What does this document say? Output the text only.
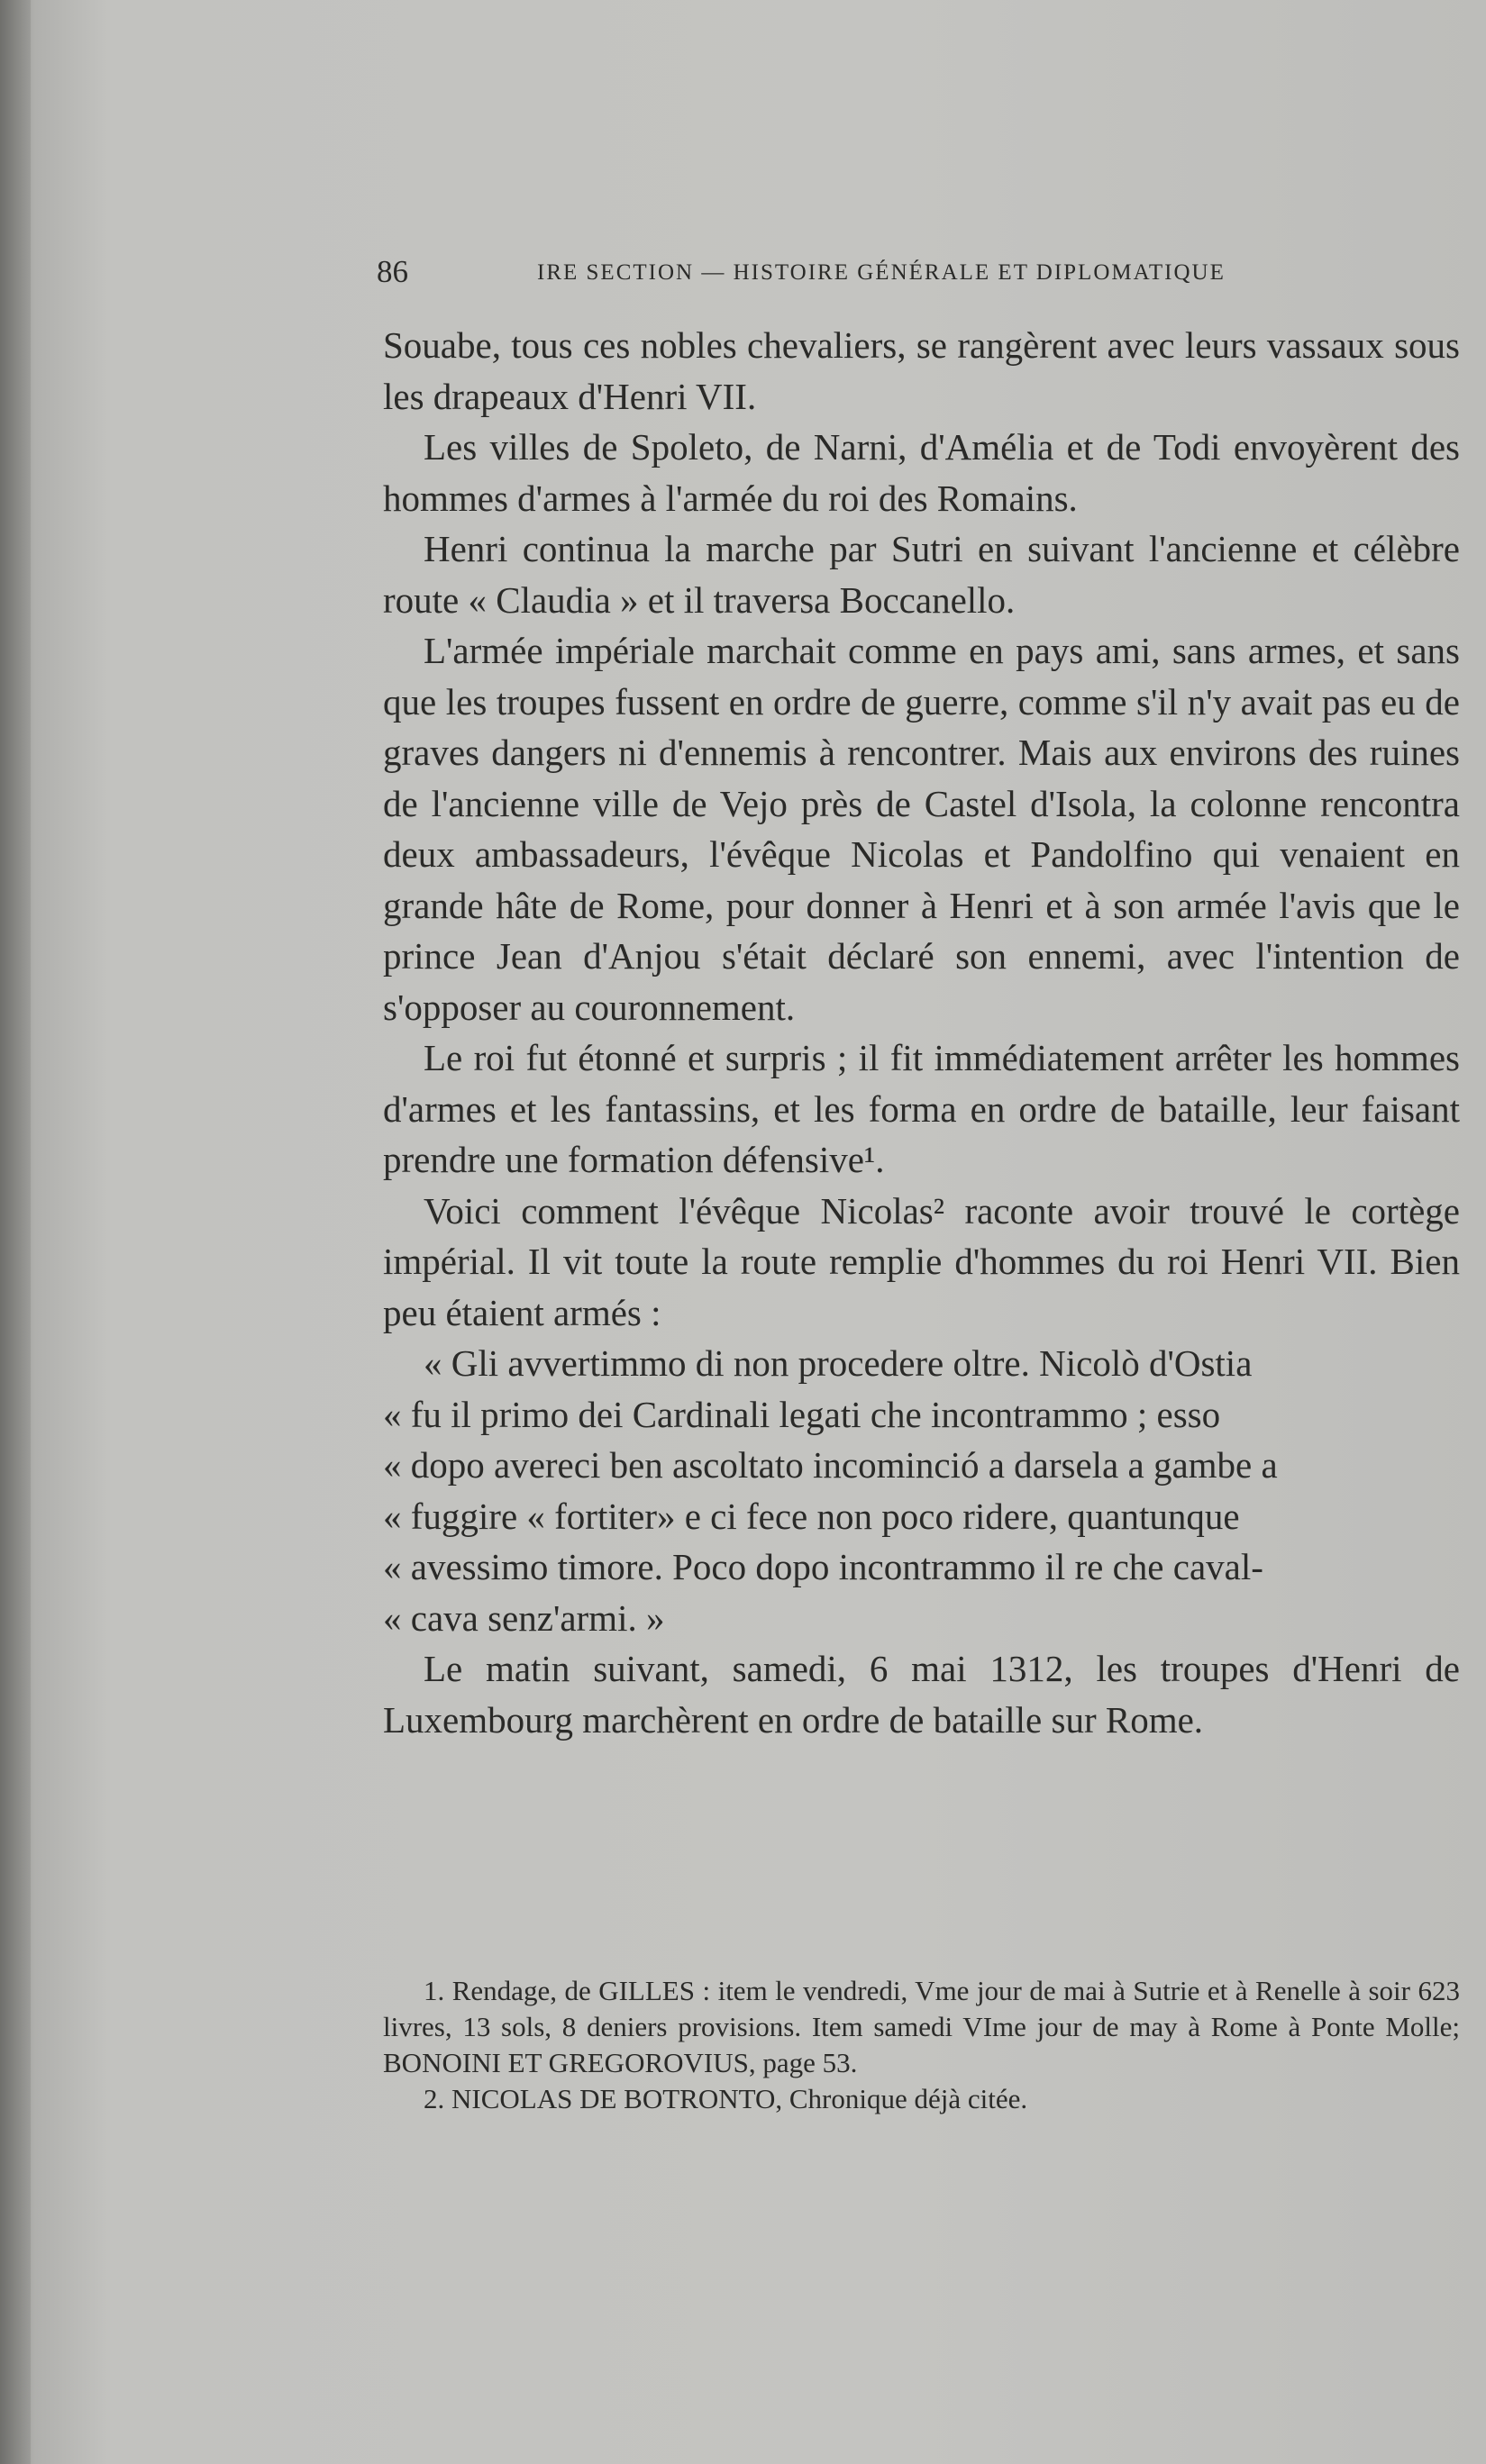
86	IRE SECTION — HISTOIRE GÉNÉRALE ET DIPLOMATIQUE

Souabe, tous ces nobles chevaliers, se rangèrent avec leurs vassaux sous les drapeaux d'Henri VII.

Les villes de Spoleto, de Narni, d'Amélia et de Todi envoyèrent des hommes d'armes à l'armée du roi des Romains.

Henri continua la marche par Sutri en suivant l'ancienne et célèbre route « Claudia » et il traversa Boccanello.

L'armée impériale marchait comme en pays ami, sans armes, et sans que les troupes fussent en ordre de guerre, comme s'il n'y avait pas eu de graves dangers ni d'ennemis à rencontrer. Mais aux environs des ruines de l'ancienne ville de Vejo près de Castel d'Isola, la colonne rencontra deux ambassadeurs, l'évêque Nicolas et Pandolfino qui venaient en grande hâte de Rome, pour donner à Henri et à son armée l'avis que le prince Jean d'Anjou s'était déclaré son ennemi, avec l'intention de s'opposer au couronnement.

Le roi fut étonné et surpris ; il fit immédiatement arrêter les hommes d'armes et les fantassins, et les forma en ordre de bataille, leur faisant prendre une formation défensive¹.

Voici comment l'évêque Nicolas² raconte avoir trouvé le cortège impérial. Il vit toute la route remplie d'hommes du roi Henri VII. Bien peu étaient armés :

« Gli avvertimmo di non procedere oltre. Nicolò d'Ostia

« fu il primo dei Cardinali legati che incontrammo ; esso

« dopo avereci ben ascoltato incominció a darsela a gambe a

« fuggire « fortiter» e ci fece non poco ridere, quantunque

« avessimo timore. Poco dopo incontrammo il re che caval-

« cava senz'armi. »

Le matin suivant, samedi, 6 mai 1312, les troupes d'Henri de Luxembourg marchèrent en ordre de bataille sur Rome.

1. Rendage, de GILLES : item le vendredi, Vme jour de mai à Sutrie et à Renelle à soir 623 livres, 13 sols, 8 deniers provisions. Item samedi VIme jour de may à Rome à Ponte Molle; BONOINI ET GREGOROVIUS, page 53.

2. NICOLAS DE BOTRONTO, Chronique déjà citée.
